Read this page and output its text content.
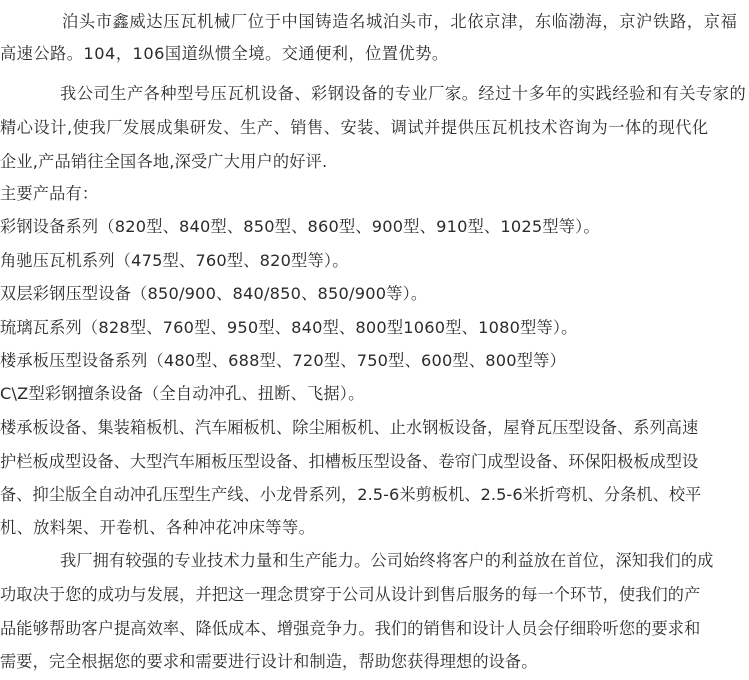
泊头市鑫威达压瓦机械厂位于中国铸造名城泊头市，北依京津，东临渤海，京沪铁路，京福
高速公路。104，106国道纵惯全境。交通便利，位置优势。
我公司生产各种型号压瓦机设备、彩钢设备的专业厂家。经过十多年的实践经验和有关专家的
精心设计,使我厂发展成集研发、生产、销售、安装、调试并提供压瓦机技术咨询为一体的现代化
企业,产品销往全国各地,深受广大用户的好评.
主要产品有：
彩钢设备系列（820型、840型、850型、860型、900型、910型、1025型等）。
角驰压瓦机系列（475型、760型、820型等）。
双层彩钢压型设备（850/900、840/850、850/900等）。
琉璃瓦系列（828型、760型、950型、840型、800型1060型、1080型等）。
楼承板压型设备系列（480型、688型、720型、750型、600型、800型等）
C\Z型彩钢擅条设备（全自动冲孔、扭断、飞据）。
楼承板设备、集装箱板机、汽车厢板机、除尘厢板机、止水钢板设备，屋脊瓦压型设备、系列高速
护栏板成型设备、大型汽车厢板压型设备、扣槽板压型设备、卷帘门成型设备、环保阳极板成型设
备、抑尘版全自动冲孔压型生产线、小龙骨系列，2.5-6米剪板机、2.5-6米折弯机、分条机、校平
机、放料架、开卷机、各种冲花冲床等等。
我厂拥有较强的专业技术力量和生产能力。公司始终将客户的利益放在首位，深知我们的成
功取决于您的成功与发展，并把这一理念贯穿于公司从设计到售后服务的每一个环节，使我们的产
品能够帮助客户提高效率、降低成本、增强竞争力。我们的销售和设计人员会仔细聆听您的要求和
需要，完全根据您的要求和需要进行设计和制造，帮助您获得理想的设备。
